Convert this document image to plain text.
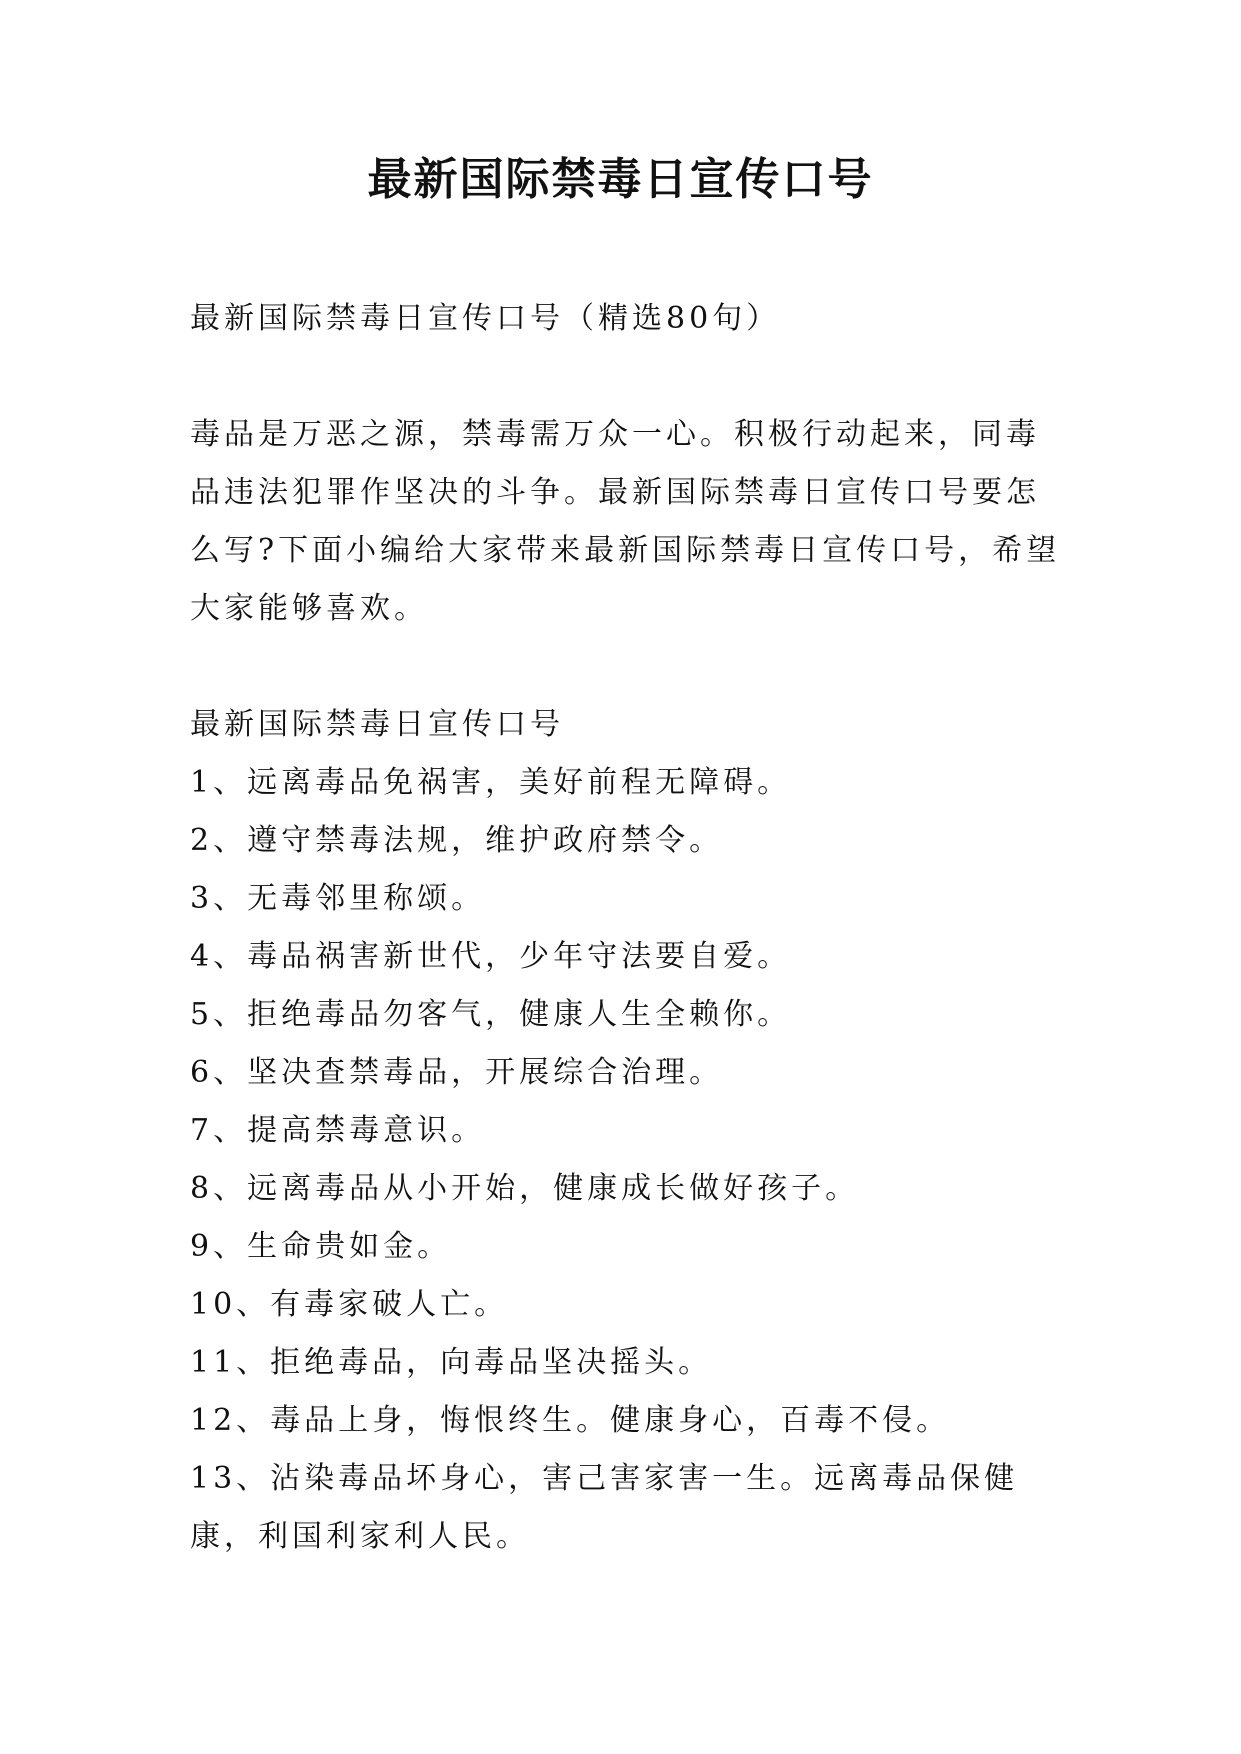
最新国际禁毒日宣传口号

最新国际禁毒日宣传口号（精选80句）

毒品是万恶之源，禁毒需万众一心。积极行动起来，同毒品违法犯罪作坚决的斗争。最新国际禁毒日宣传口号要怎么写?下面小编给大家带来最新国际禁毒日宣传口号，希望大家能够喜欢。

最新国际禁毒日宣传口号

1、远离毒品免祸害，美好前程无障碍。
2、遵守禁毒法规，维护政府禁令。
3、无毒邻里称颂。
4、毒品祸害新世代，少年守法要自爱。
5、拒绝毒品勿客气，健康人生全赖你。
6、坚决查禁毒品，开展综合治理。
7、提高禁毒意识。
8、远离毒品从小开始，健康成长做好孩子。
9、生命贵如金。
10、有毒家破人亡。
11、拒绝毒品，向毒品坚决摇头。
12、毒品上身，悔恨终生。健康身心，百毒不侵。
13、沾染毒品坏身心，害己害家害一生。远离毒品保健康，利国利家利人民。
